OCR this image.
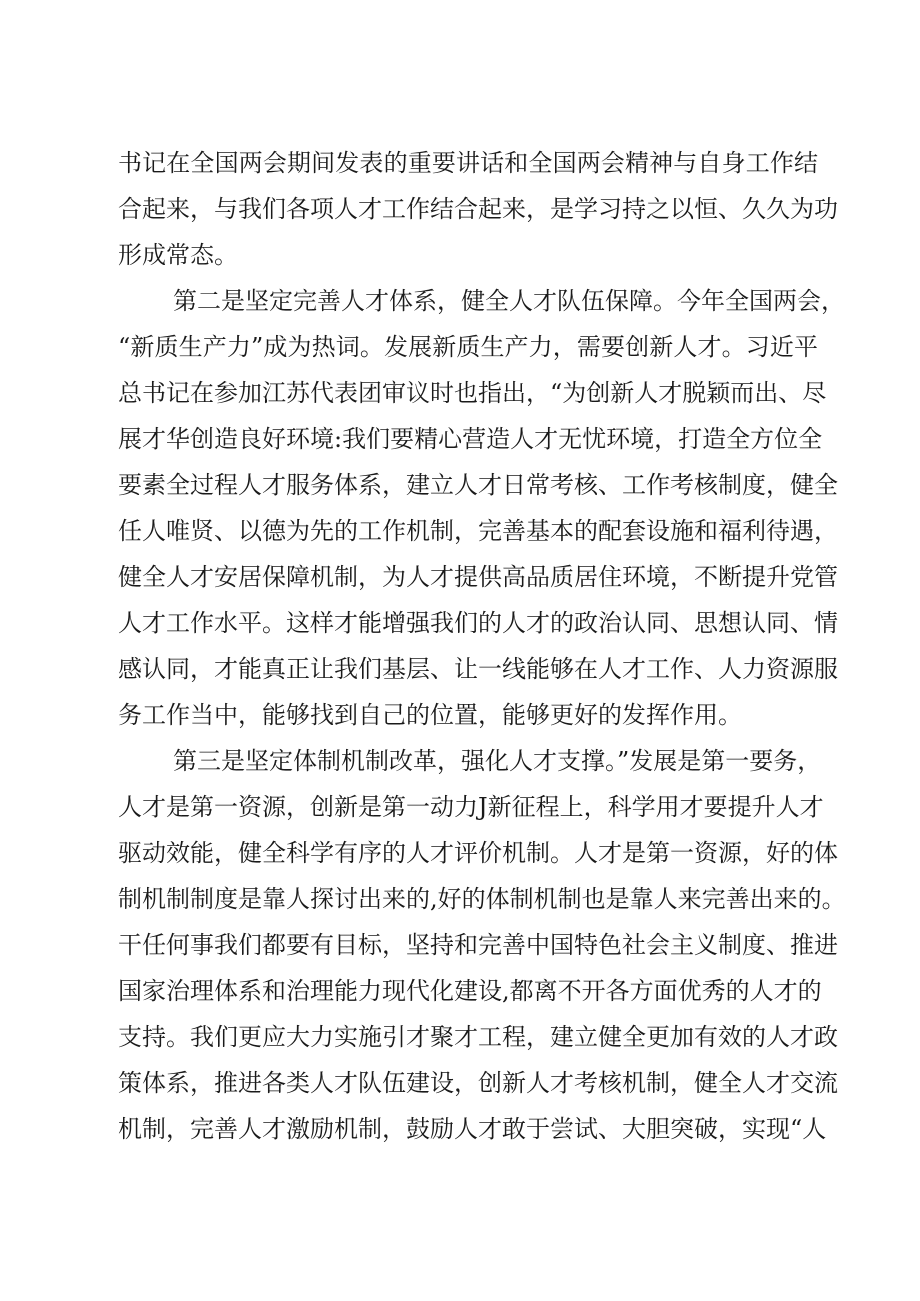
书记在全国两会期间发表的重要讲话和全国两会精神与自身工作结

合起来，与我们各项人才工作结合起来，是学习持之以恒、久久为功

形成常态。

第二是坚定完善人才体系，健全人才队伍保障。今年全国两会，

“新质生产力”成为热词。发展新质生产力，需要创新人才。习近平

总书记在参加江苏代表团审议时也指出，“为创新人才脱颖而出、尽

展才华创造良好环境:我们要精心营造人才无忧环境，打造全方位全

要素全过程人才服务体系，建立人才日常考核、工作考核制度，健全

任人唯贤、以德为先的工作机制，完善基本的配套设施和福利待遇，

健全人才安居保障机制，为人才提供高品质居住环境，不断提升党管

人才工作水平。这样才能增强我们的人才的政治认同、思想认同、情

感认同，才能真正让我们基层、让一线能够在人才工作、人力资源服

务工作当中，能够找到自己的位置，能够更好的发挥作用。

第三是坚定体制机制改革，强化人才支撑。”发展是第一要务，

人才是第一资源，创新是第一动力J新征程上，科学用才要提升人才

驱动效能，健全科学有序的人才评价机制。人才是第一资源，好的体

制机制制度是靠人探讨出来的,好的体制机制也是靠人来完善出来的。

干任何事我们都要有目标，坚持和完善中国特色社会主义制度、推进

国家治理体系和治理能力现代化建设,都离不开各方面优秀的人才的

支持。我们更应大力实施引才聚才工程，建立健全更加有效的人才政

策体系，推进各类人才队伍建设，创新人才考核机制，健全人才交流

机制，完善人才激励机制，鼓励人才敢于尝试、大胆突破，实现“人
